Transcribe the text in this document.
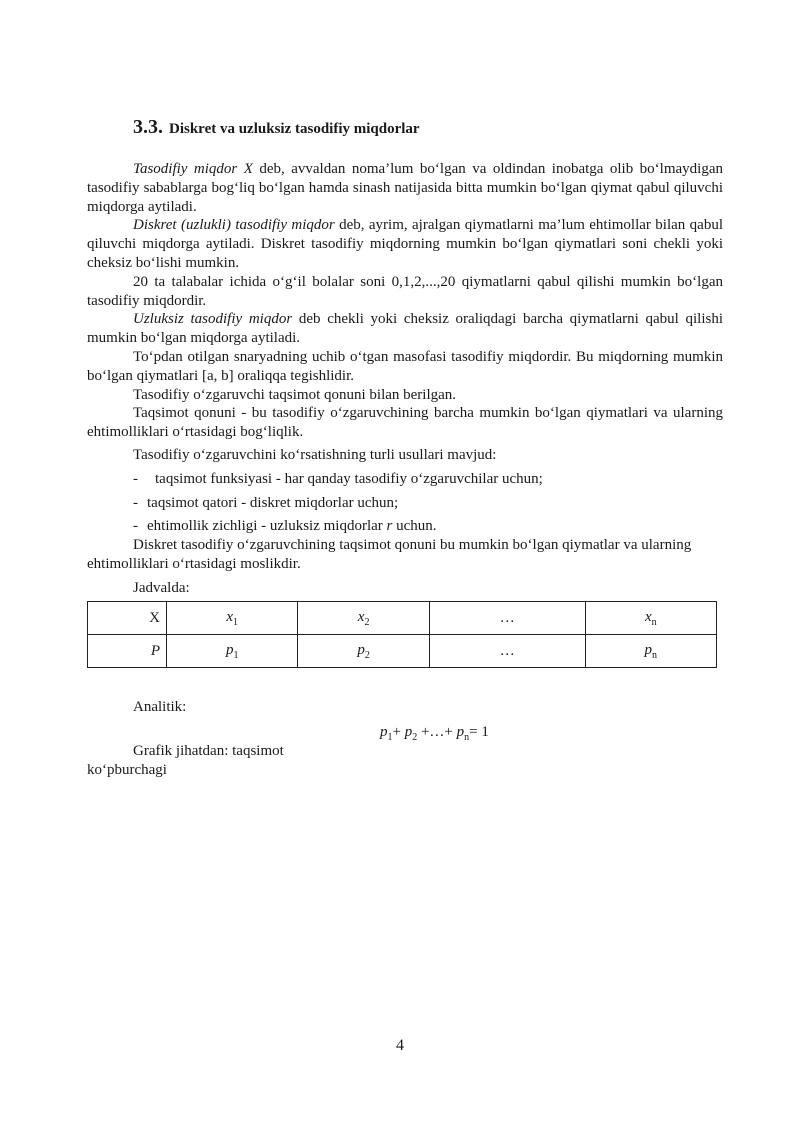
3.3. Diskret va uzluksiz tasodifiy miqdorlar

Tasodifiy miqdor X deb, avvaldan noma’lum bo‘lgan va oldindan inobatga olib bo‘lmaydigan tasodifiy sabablarga bog‘liq bo‘lgan hamda sinash natijasida bitta mumkin bo‘lgan qiymat qabul qiluvchi miqdorga aytiladi.

Diskret (uzlukli) tasodifiy miqdor deb, ayrim, ajralgan qiymatlarni ma’lum ehtimollar bilan qabul qiluvchi miqdorga aytiladi. Diskret tasodifiy miqdorning mumkin bo‘lgan qiymatlari soni chekli yoki cheksiz bo‘lishi mumkin.

20 ta talabalar ichida o‘g‘il bolalar soni 0,1,2,...,20 qiymatlarni qabul qilishi mumkin bo‘lgan tasodifiy miqdordir.

Uzluksiz tasodifiy miqdor deb chekli yoki cheksiz oraliqdagi barcha qiymatlarni qabul qilishi mumkin bo‘lgan miqdorga aytiladi.

To‘pdan otilgan snaryadning uchib o‘tgan masofasi tasodifiy miqdordir. Bu miqdorning mumkin bo‘lgan qiymatlari [a, b] oraliqqa tegishlidir.

Tasodifiy o‘zgaruvchi taqsimot qonuni bilan berilgan.

Taqsimot qonuni - bu tasodifiy o‘zgaruvchining barcha mumkin bo‘lgan qiymatlari va ularning ehtimolliklari o‘rtasidagi bog‘liqlik.

Tasodifiy o‘zgaruvchini ko‘rsatishning turli usullari mavjud:

-	taqsimot funksiyasi - har qanday tasodifiy o‘zgaruvchilar uchun;
- taqsimot qatori - diskret miqdorlar uchun;
- ehtimollik zichligi - uzluksiz miqdorlar r uchun.

Diskret tasodifiy o‘zgaruvchining taqsimot qonuni bu mumkin bo‘lgan qiymatlar va ularning ehtimolliklari o‘rtasidagi moslikdir.

Jadvalda:
X	$x_1$	$x_2$	…	$x_n$
P	$p_1$	$p_2$	…	$p_n$
Analitik:
$p_1+ p_2$ +…+ $p_n= 1$
Grafik jihatdan: taqsimot
ko‘pburchagi
4
